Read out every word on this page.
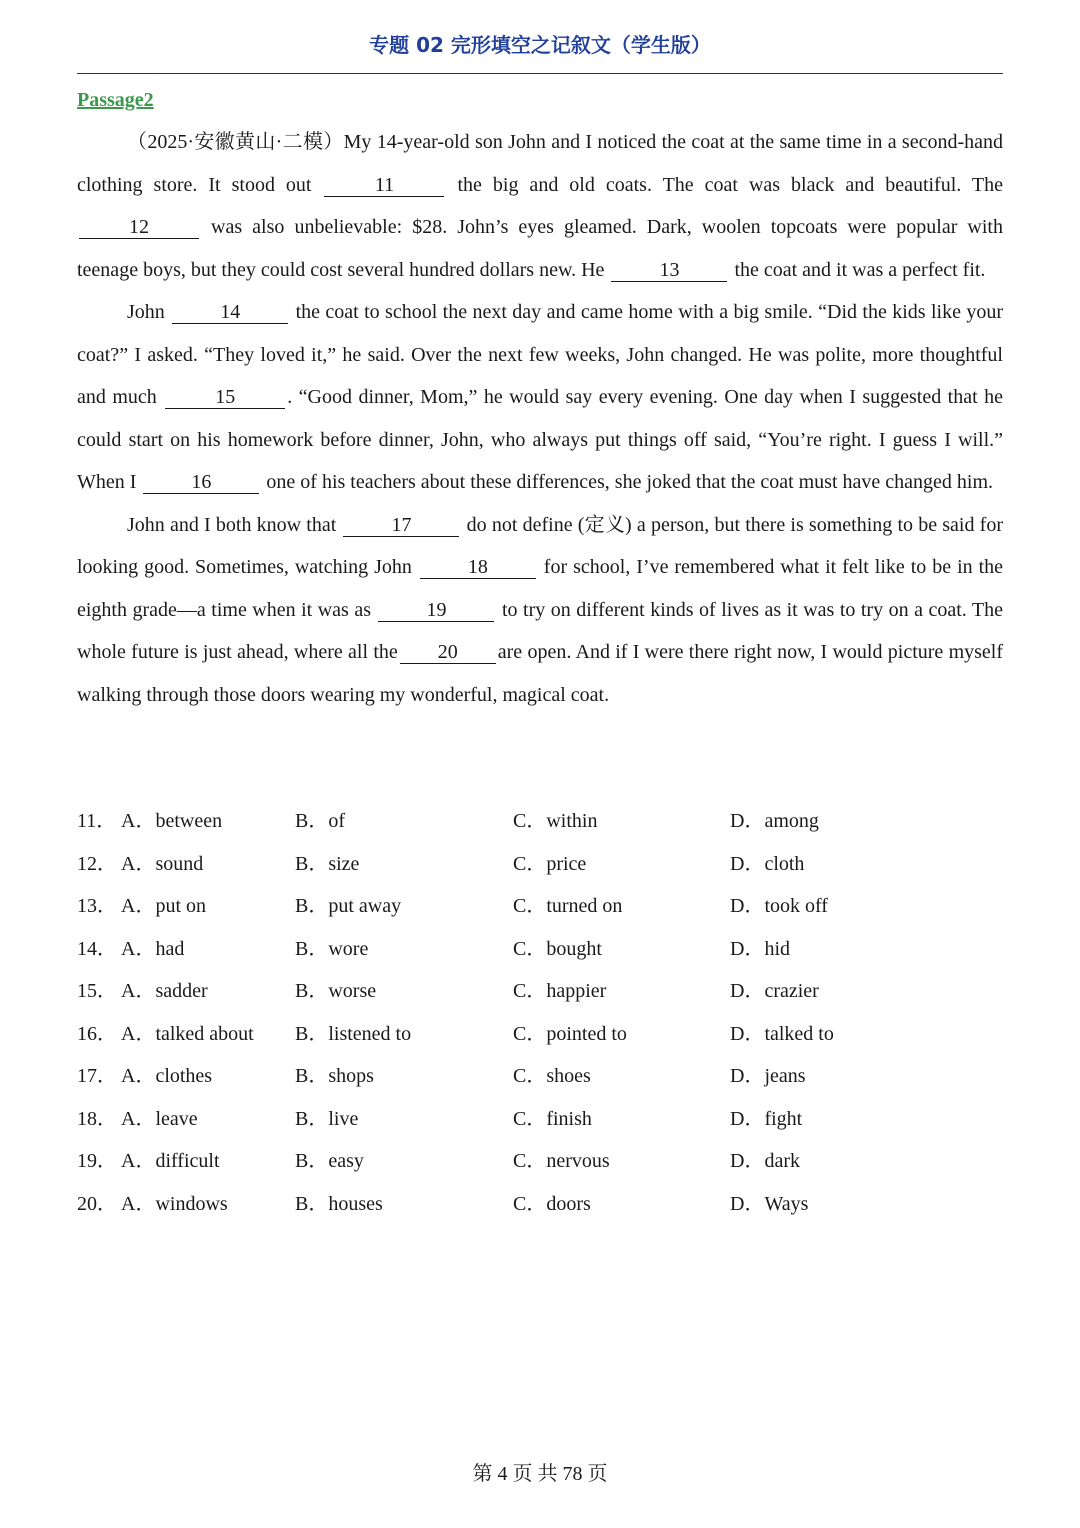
专题 02 完形填空之记叙文（学生版）
Passage2

（2025·安徽黄山·二模）My 14-year-old son John and I noticed the coat at the same time in a second-hand clothing store. It stood out	11	the big and old coats. The coat was black and beautiful. The 12	was also unbelievable: $28. John’s eyes gleamed. Dark, woolen topcoats were popular with teenage boys, but they could cost several hundred dollars new. He	13	the coat and it was a perfect fit.

John	14	the coat to school the next day and came home with a big smile. “Did the kids like your coat?” I asked. “They loved it,” he said. Over the next few weeks, John changed. He was polite, more thoughtful and much	15	. “Good dinner, Mom,” he would say every evening. One day when I suggested that he could start on his homework before dinner, John, who always put things off said, “You’re right. I guess I will.” When I	16	one of his teachers about these differences, she joked that the coat must have changed him.

John and I both know that	17	do not define (定义) a person, but there is something to be said for looking good. Sometimes, watching John	18	for school, I’ve remembered what it felt like to be in the eighth grade—a time when it was as	19	to try on different kinds of lives as it was to try on a coat. The whole future is just ahead, where all the 20 are open. And if I were there right now, I would picture myself walking through those doors wearing my wonderful, magical coat.

11． A．between	B．of	C．within	D．among
12． A．sound	B．size	C．price	D．cloth
13． A．put on	B．put away	C．turned on	D．took off
14． A．had	B．wore	C．bought	D．hid
15． A．sadder	B．worse	C．happier	D．crazier
16． A．talked about B．listened to	C．pointed to	D．talked to
17． A．clothes	B．shops	C．shoes	D．jeans
18． A．leave	B．live	C．finish	D．fight
19． A．difficult	B．easy	C．nervous	D．dark
20． A．windows	B．houses	C．doors	D．Ways
第 4 页 共 78 页
